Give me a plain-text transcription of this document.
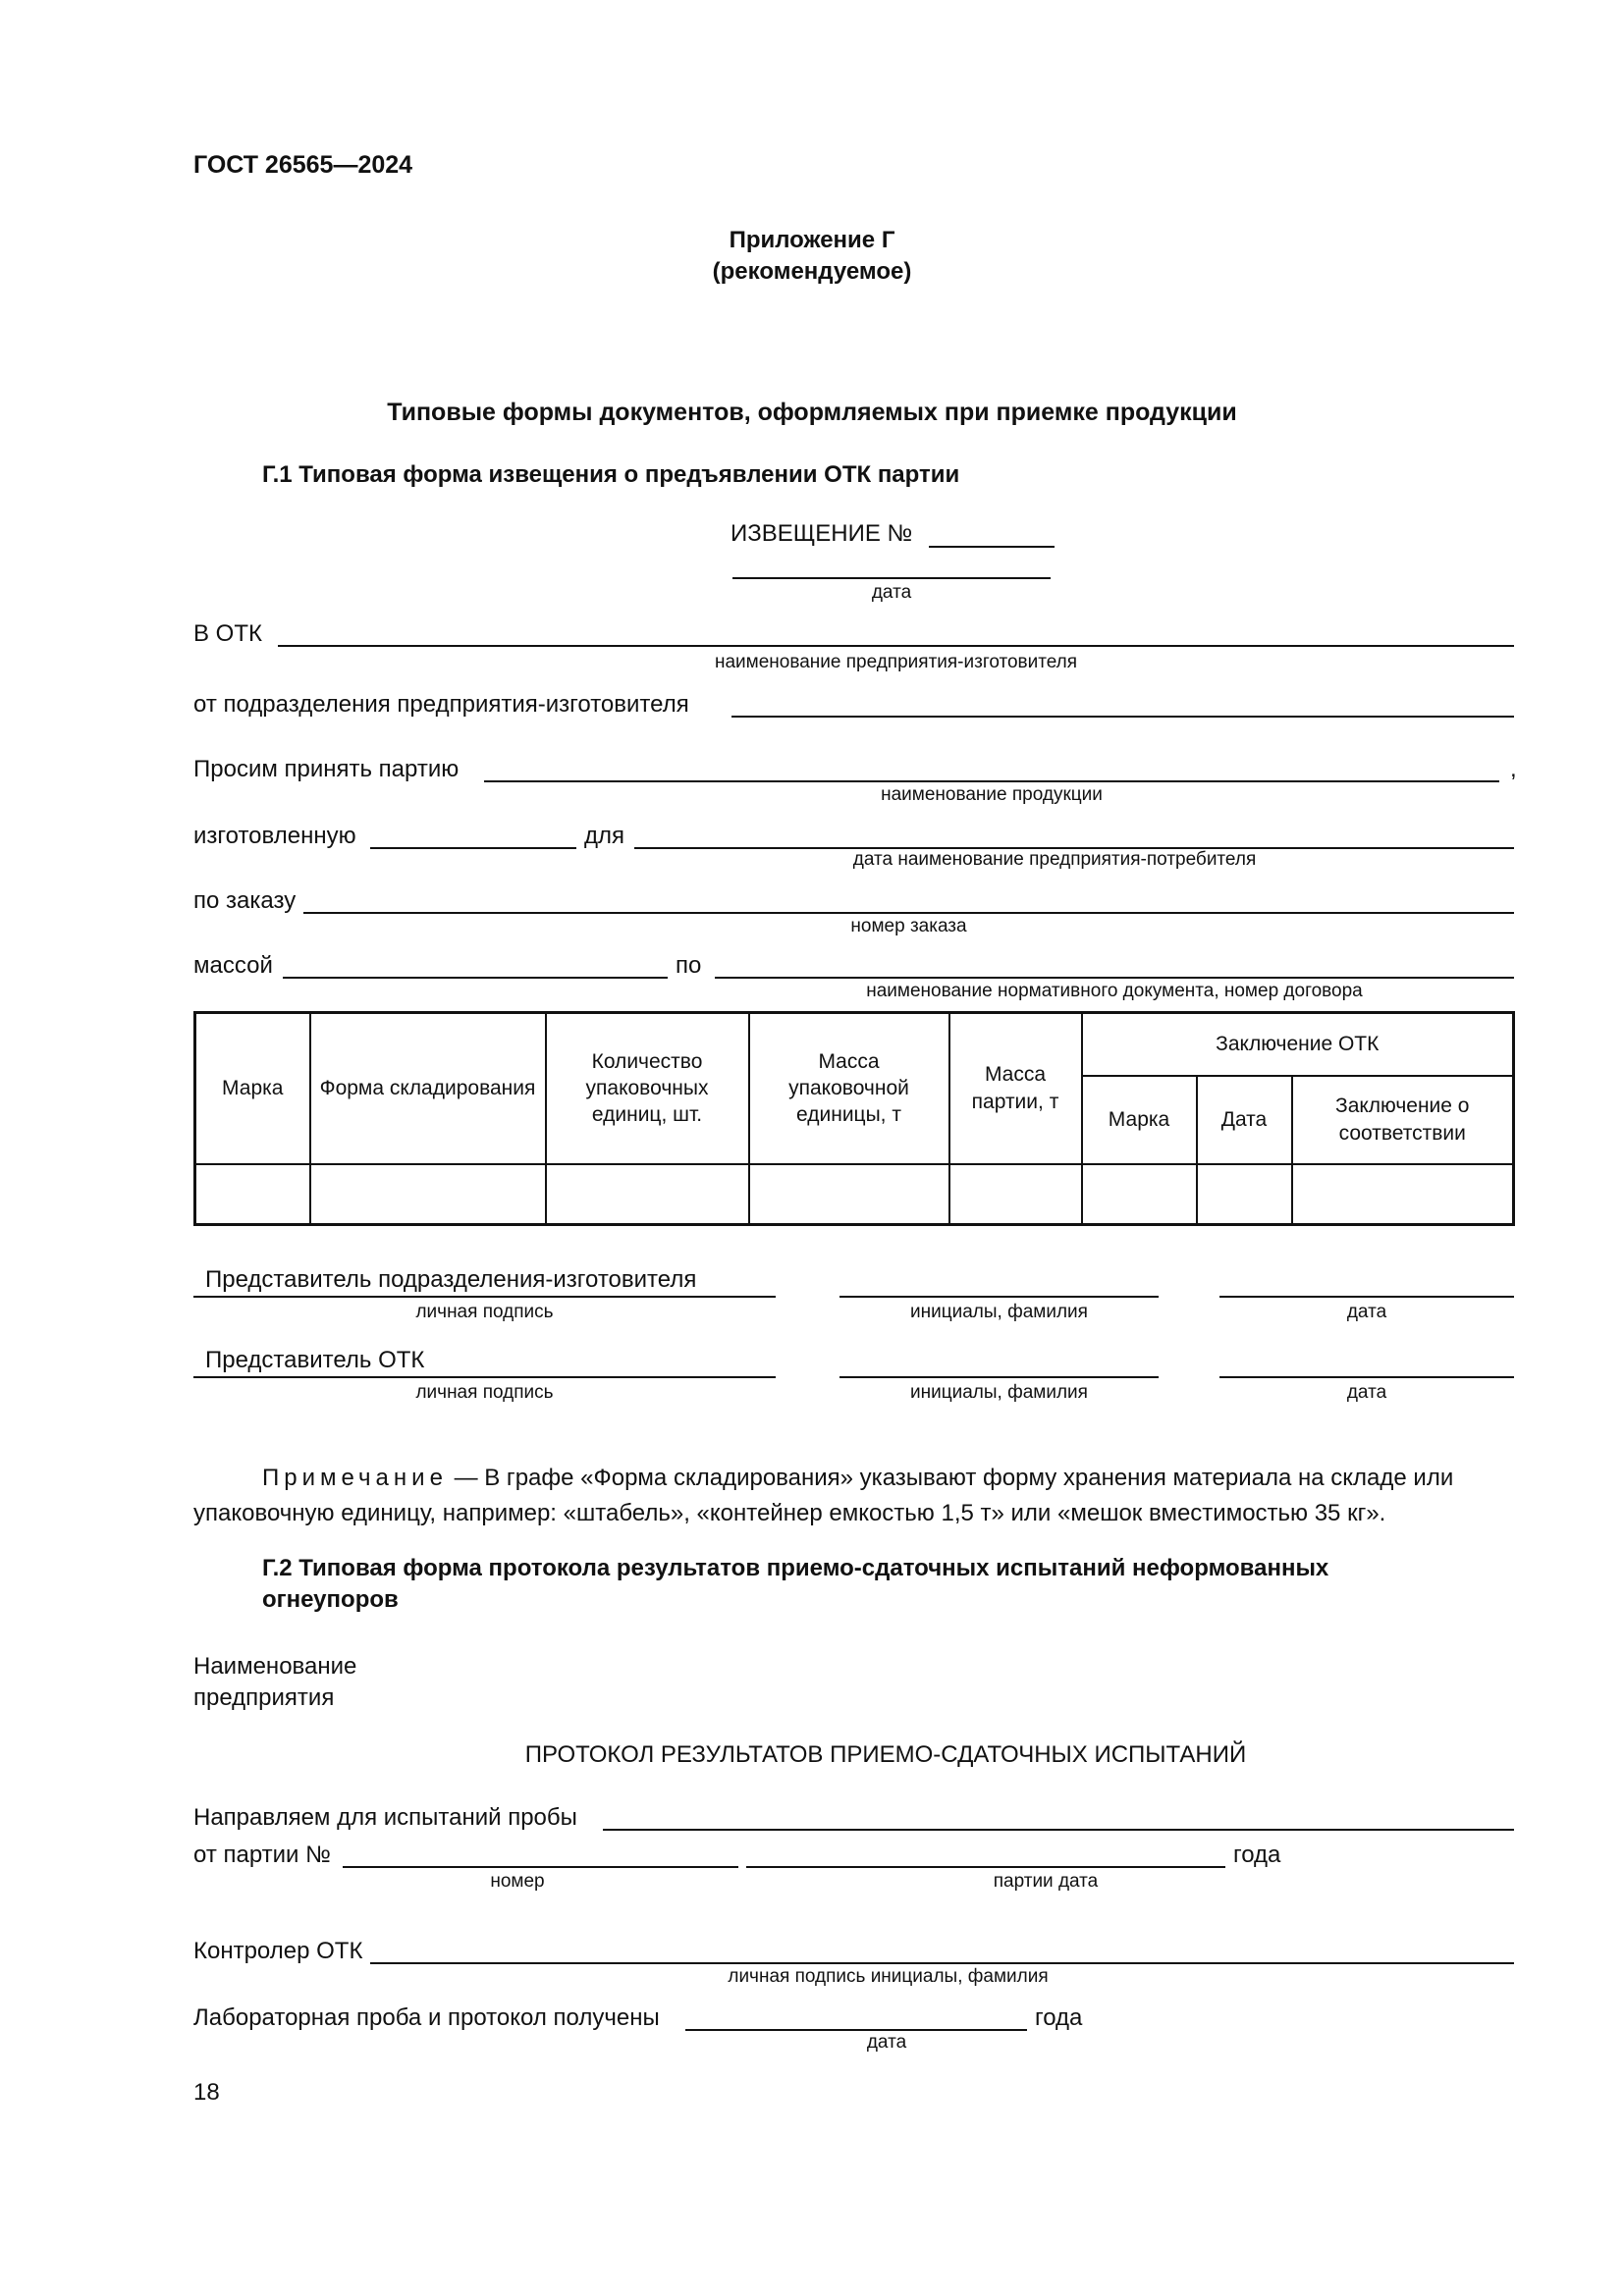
ГОСТ 26565—2024
Приложение Г
(рекомендуемое)
Типовые формы документов, оформляемых при приемке продукции
Г.1 Типовая форма извещения о предъявлении ОТК партии
ИЗВЕЩЕНИЕ №
дата
В ОТК
наименование предприятия-изготовителя
от подразделения предприятия-изготовителя
Просим принять партию	,
наименование продукции
изготовленную	для
дата наименование предприятия-потребителя
по заказу
номер заказа
массой	по
наименование нормативного документа, номер договора
Марка	Форма складирования	Количество упаковочных единиц, шт.	Масса упаковочной единицы, т	Масса партии, т	Заключение ОТК		
					Марка	Дата	Заключение о соответствии

Представитель подразделения-изготовителя
личная подпись	инициалы, фамилия	дата
Представитель ОТК
личная подпись	инициалы, фамилия	дата
Примечание — В графе «Форма складирования» указывают форму хранения материала на складе или
упаковочную единицу, например: «штабель», «контейнер емкостью 1,5 т» или «мешок вместимостью 35 кг».
Г.2 Типовая форма протокола результатов приемо-сдаточных испытаний неформованных
огнеупоров
Наименование
предприятия
ПРОТОКОЛ РЕЗУЛЬТАТОВ ПРИЕМО-СДАТОЧНЫХ ИСПЫТАНИЙ
Направляем для испытаний пробы
от партии №	года
номер	партии дата
Контролер ОТК
личная подпись инициалы, фамилия
Лабораторная проба и протокол получены	года
дата
18
